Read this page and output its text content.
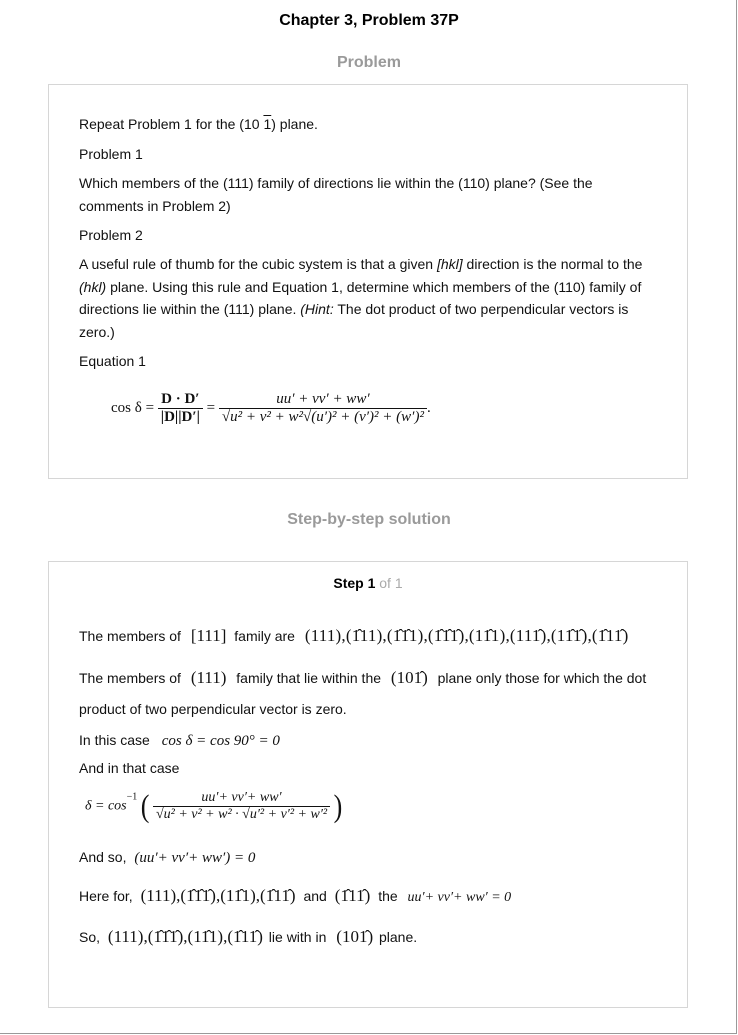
Chapter 3, Problem 37P
Problem
Repeat Problem 1 for the (10 1) plane.
Problem 1
Which members of the (111) family of directions lie within the (110) plane? (See the
comments in Problem 2)
Problem 2
A useful rule of thumb for the cubic system is that a given [hkl] direction is the normal to the
(hkl) plane. Using this rule and Equation 1, determine which members of the (110) family of
directions lie within the (111) plane. (Hint: The dot product of two perpendicular vectors is
zero.)
Equation 1
$\cos \delta = \frac{D \cdot D'}{|D||D'|} = \frac{uu' + vv' + ww'}{\text{√u² + v² + w²√(u′)² + (v′)² + (w′)²}}$ .
Step-by-step solution
Step 1 of 1
The members of [111] family are (111),(1̂11),(1̂1̂1),(1̂1̂1̂),(11̂1),(111̂),(11̂1̂),(1̂11̂)
The members of (111) family that lie within the (101̂) plane only those for which the dot
product of two perpendicular vector is zero.
In this case cos δ = cos 90° = 0
And in that case
$\delta = \cos^{-1}$ ( $\frac{uu'+ vv'+ ww'}{\text{√u² + v² + w² · √u′² + v′² + w′²}}$ )
And so, (uu′+ vv′+ ww′) = 0
Here for, (111),(1̂1̂1̂),(11̂1),(1̂11̂) and (1̂11̂) the uu′+ vv′+ ww′ = 0
So, (111),(1̂1̂1̂),(11̂1),(1̂11̂) lie with in (101̂) plane.
